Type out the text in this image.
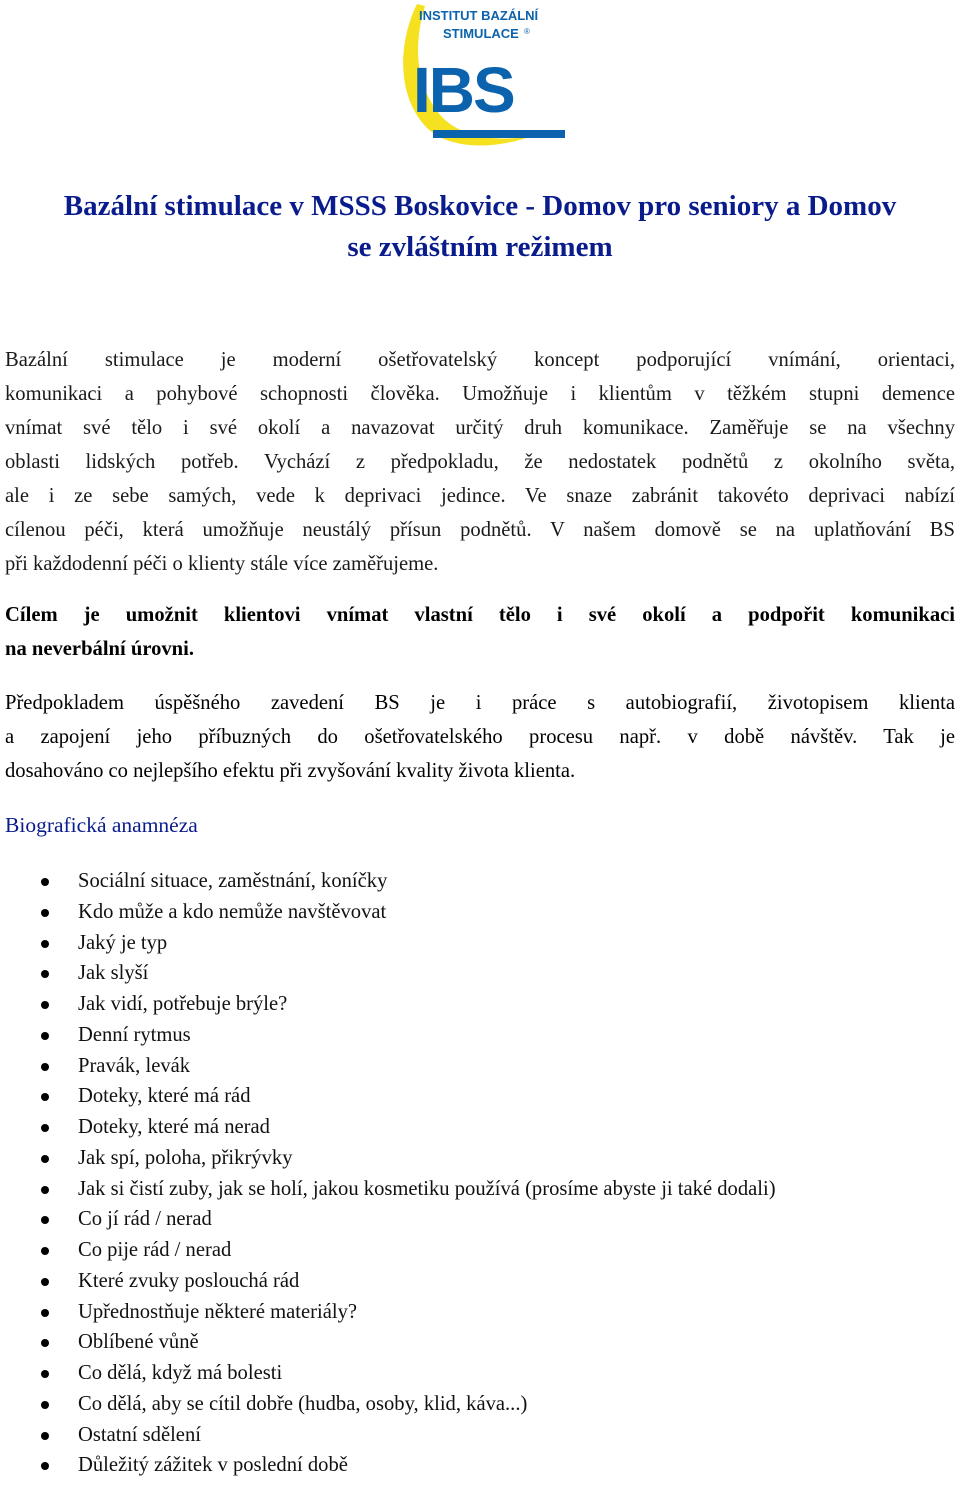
IBS
INSTITUT BAZÁLNÍ
STIMULACE ®
Bazální stimulace v MSSS Boskovice - Domov pro seniory a Domov
se zvláštním režimem
Bazální stimulace je moderní ošetřovatelský koncept podporující vnímání, orientaci,
komunikaci a pohybové schopnosti člověka. Umožňuje i klientům v těžkém stupni demence
vnímat své tělo i své okolí a navazovat určitý druh komunikace. Zaměřuje se na všechny
oblasti lidských potřeb. Vychází z předpokladu, že nedostatek podnětů z okolního světa,
ale i ze sebe samých, vede k deprivaci jedince. Ve snaze zabránit takovéto deprivaci nabízí
cílenou péči, která umožňuje neustálý přísun podnětů. V našem domově se na uplatňování BS
při každodenní péči o klienty stále více zaměřujeme.
Cílem je umožnit klientovi vnímat vlastní tělo i své okolí a podpořit komunikaci
na neverbální úrovni.
Předpokladem úspěšného zavedení BS je i práce s autobiografií, životopisem klienta
a zapojení jeho příbuzných do ošetřovatelského procesu např. v době návštěv. Tak je
dosahováno co nejlepšího efektu při zvyšování kvality života klienta.
Biografická anamnéza
Sociální situace, zaměstnání, koníčky
Kdo může a kdo nemůže navštěvovat
Jaký je typ
Jak slyší
Jak vidí, potřebuje brýle?
Denní rytmus
Pravák, levák
Doteky, které má rád
Doteky, které má nerad
Jak spí, poloha, přikrývky
Jak si čistí zuby, jak se holí, jakou kosmetiku používá (prosíme abyste ji také dodali)
Co jí rád / nerad
Co pije rád / nerad
Které zvuky poslouchá rád
Upřednostňuje některé materiály?
Oblíbené vůně
Co dělá, když má bolesti
Co dělá, aby se cítil dobře (hudba, osoby, klid, káva...)
Ostatní sdělení
Důležitý zážitek v poslední době
